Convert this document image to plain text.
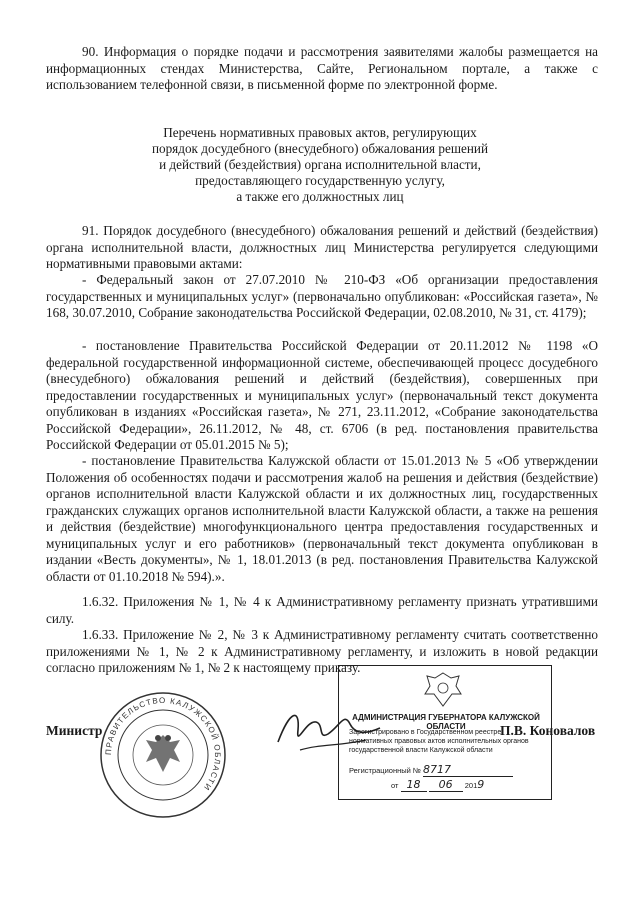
90. Информация о порядке подачи и рассмотрения заявителями жалобы размещается на информационных стендах Министерства, Сайте, Региональном портале, а также с использованием телефонной связи, в письменной форме по электронной форме.

Перечень нормативных правовых актов, регулирующих
порядок досудебного (внесудебного) обжалования решений
и действий (бездействия) органа исполнительной власти,
предоставляющего государственную услугу,
а также его должностных лиц

91. Порядок досудебного (внесудебного) обжалования решений и действий (бездействия) органа исполнительной власти, должностных лиц Министерства регулируется следующими нормативными правовыми актами:

- Федеральный закон от 27.07.2010 № 210-ФЗ «Об организации предоставления государственных и муниципальных услуг» (первоначально опубликован: «Российская газета», № 168, 30.07.2010, Собрание законодательства Российской Федерации, 02.08.2010, № 31, ст. 4179);

- постановление Правительства Российской Федерации от 20.11.2012 № 1198 «О федеральной государственной информационной системе, обеспечивающей процесс досудебного (внесудебного) обжалования решений и действий (бездействия), совершенных при предоставлении государственных и муниципальных услуг» (первоначальный текст документа опубликован в изданиях «Российская газета», № 271, 23.11.2012, «Собрание законодательства Российской Федерации», 26.11.2012, № 48, ст. 6706 (в ред. постановления правительства Российской Федерации от 05.01.2015 № 5);

- постановление Правительства Калужской области от 15.01.2013 № 5 «Об утверждении Положения об особенностях подачи и рассмотрения жалоб на решения и действия (бездействие) органов исполнительной власти Калужской области и их должностных лиц, государственных гражданских служащих органов исполнительной власти Калужской области, а также на решения и действия (бездействие) многофункционального центра предоставления государственных и муниципальных услуг и его работников» (первоначальный текст документа опубликован в издании «Весть документы», № 1, 18.01.2013 (в ред. постановления Правительства Калужской области от 01.10.2018 № 594).».

1.6.32. Приложения № 1, № 4 к Административному регламенту признать утратившими силу.

1.6.33. Приложение № 2, № 3 к Административному регламенту считать соответственно приложениями № 1, № 2 к Административному регламенту, и изложить в новой редакции согласно приложениям № 1, № 2 к настоящему приказу.

ПРАВИТЕЛЬСТВО КАЛУЖСКОЙ ОБЛАСТИ
Министр	П.В. Коновалов
АДМИНИСТРАЦИЯ ГУБЕРНАТОРА КАЛУЖСКОЙ ОБЛАСТИ
Зарегистрировано в Государственном реестре нормативных правовых актов исполнительных органов государственной власти Калужской области
Регистрационный № 8717
от 18 06 2019
